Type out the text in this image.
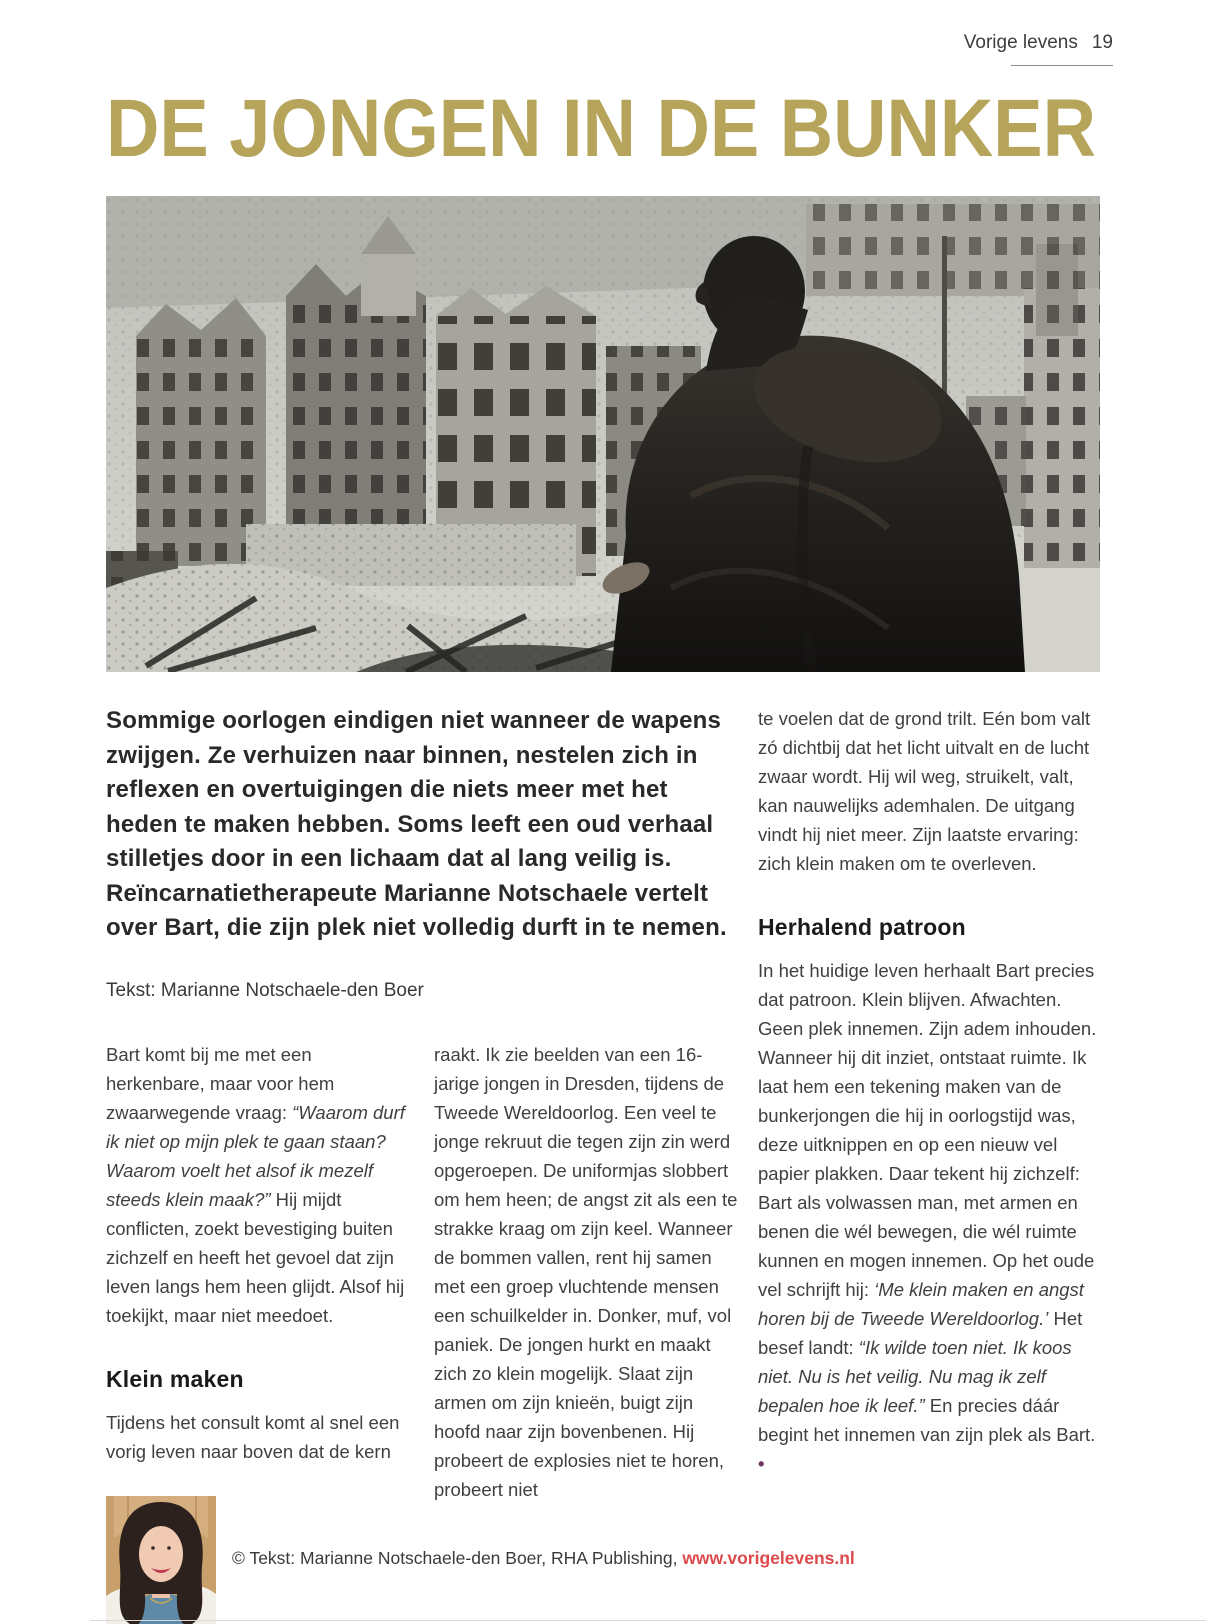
Vorige levens 19
DE JONGEN IN DE BUNKER

Sommige oorlogen eindigen niet wanneer de wapens zwijgen. Ze verhuizen naar binnen, nestelen zich in reflexen en overtuigingen die niets meer met het heden te maken hebben. Soms leeft een oud verhaal stilletjes door in een lichaam dat al lang veilig is. Reïncarnatietherapeute Marianne Notschaele vertelt over Bart, die zijn plek niet volledig durft in te nemen.

Tekst: Marianne Notschaele-den Boer

Bart komt bij me met een herkenbare, maar voor hem zwaarwegende vraag: “Waarom durf ik niet op mijn plek te gaan staan? Waarom voelt het alsof ik mezelf steeds klein maak?” Hij mijdt conflicten, zoekt bevestiging buiten zichzelf en heeft het gevoel dat zijn leven langs hem heen glijdt. Alsof hij toekijkt, maar niet meedoet.

Klein maken

Tijdens het consult komt al snel een vorig leven naar boven dat de kern

raakt. Ik zie beelden van een 16-jarige jongen in Dresden, tijdens de Tweede Wereldoorlog. Een veel te jonge rekruut die tegen zijn zin werd opgeroepen. De uniformjas slobbert om hem heen; de angst zit als een te strakke kraag om zijn keel. Wanneer de bommen vallen, rent hij samen met een groep vluchtende mensen een schuilkelder in. Donker, muf, vol paniek. De jongen hurkt en maakt zich zo klein mogelijk. Slaat zijn armen om zijn knieën, buigt zijn hoofd naar zijn bovenbenen. Hij probeert de explosies niet te horen, probeert niet

te voelen dat de grond trilt. Eén bom valt zó dichtbij dat het licht uitvalt en de lucht zwaar wordt. Hij wil weg, struikelt, valt, kan nauwelijks ademhalen. De uitgang vindt hij niet meer. Zijn laatste ervaring: zich klein maken om te overleven.

Herhalend patroon

In het huidige leven herhaalt Bart precies dat patroon. Klein blijven. Afwachten. Geen plek innemen. Zijn adem inhouden. Wanneer hij dit inziet, ontstaat ruimte. Ik laat hem een tekening maken van de bunkerjongen die hij in oorlogstijd was, deze uitknippen en op een nieuw vel papier plakken. Daar tekent hij zichzelf: Bart als volwassen man, met armen en benen die wél bewegen, die wél ruimte kunnen en mogen innemen. Op het oude vel schrijft hij: ‘Me klein maken en angst horen bij de Tweede Wereldoorlog.’ Het besef landt: “Ik wilde toen niet. Ik koos niet. Nu is het veilig. Nu mag ik zelf bepalen hoe ik leef.” En precies dáár begint het innemen van zijn plek als Bart. •

© Tekst: Marianne Notschaele-den Boer, RHA Publishing, www.vorigelevens.nl
